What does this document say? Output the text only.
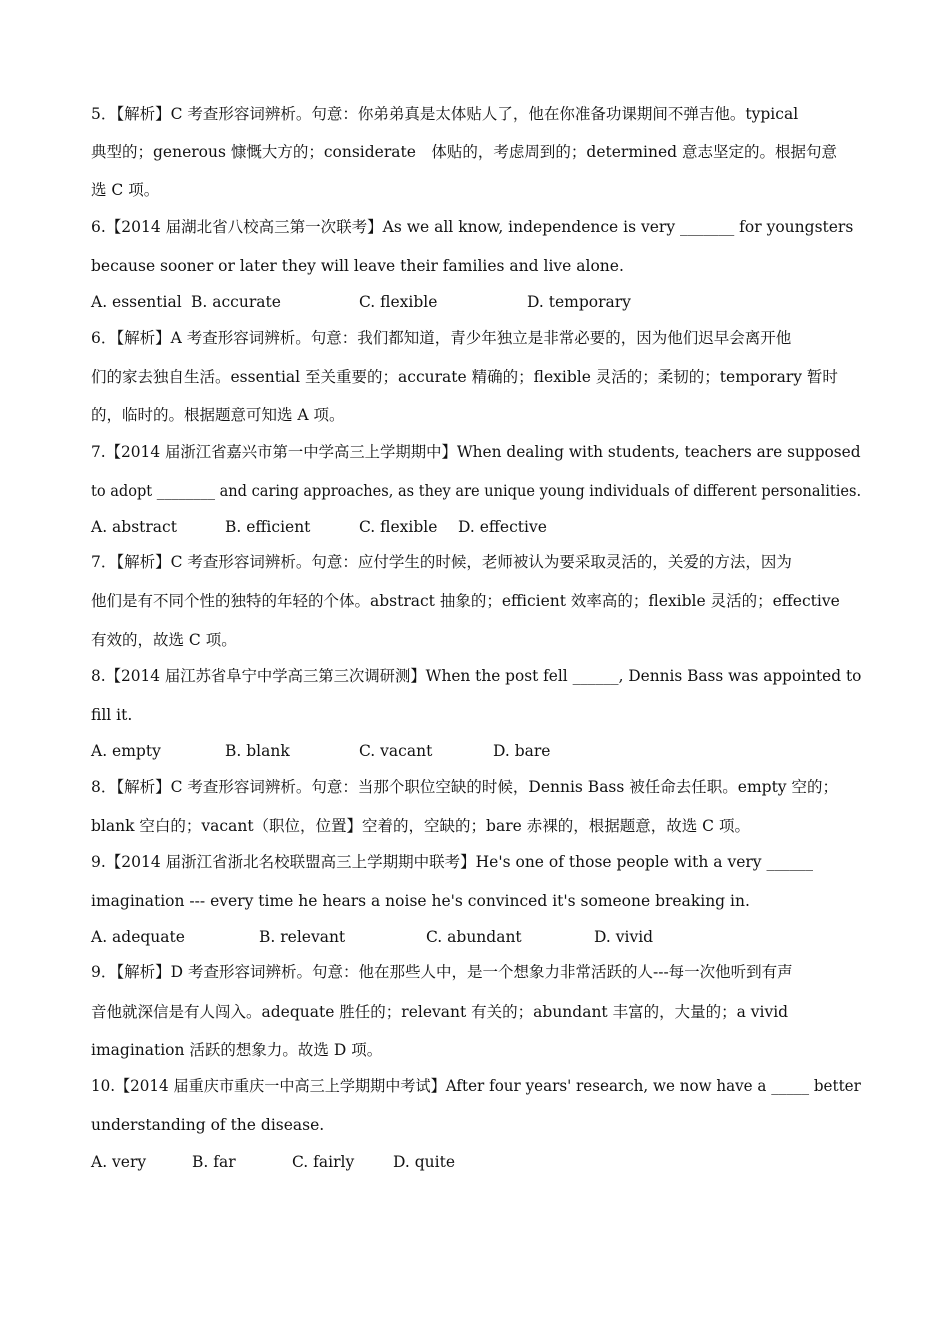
5．【解析】C 考查形容词辨析。句意：你弟弟真是太体贴人了，他在你准备功课期间不弹吉他。typical
典型的；generous 慷慨大方的；considerate　体贴的，考虑周到的；determined 意志坚定的。根据句意
选 C 项。
6.【2014 届湖北省八校高三第一次联考】As we all know, independence is very _______ for youngsters
because sooner or later they will leave their families and live alone.
A. essential B. accurate	C. flexible	D. temporary
6．【解析】A 考查形容词辨析。句意：我们都知道，青少年独立是非常必要的，因为他们迟早会离开他
们的家去独自生活。essential 至关重要的；accurate 精确的；flexible 灵活的；柔韧的；temporary 暂时
的，临时的。根据题意可知选 A 项。
7.【2014 届浙江省嘉兴市第一中学高三上学期期中】When dealing with students, teachers are supposed
to adopt ________ and caring approaches, as they are unique young individuals of different personalities.
A. abstract	B. efficient	C. flexible D. effective
7．【解析】C 考查形容词辨析。句意：应付学生的时候，老师被认为要采取灵活的，关爱的方法，因为
他们是有不同个性的独特的年轻的个体。abstract 抽象的；efficient 效率高的；flexible 灵活的；effective
有效的，故选 C 项。
8.【2014 届江苏省阜宁中学高三第三次调研测】When the post fell ______, Dennis Bass was appointed to
fill it.
A. empty	B. blank	C. vacant	D. bare
8．【解析】C 考查形容词辨析。句意：当那个职位空缺的时候，Dennis Bass 被任命去任职。empty 空的；
blank 空白的；vacant（职位，位置】空着的，空缺的；bare 赤裸的，根据题意，故选 C 项。
9.【2014 届浙江省浙北名校联盟高三上学期期中联考】He's one of those people with a very ______
imagination --- every time he hears a noise he's convinced it's someone breaking in.
A. adequate	B. relevant	C. abundant	D. vivid
9．【解析】D 考查形容词辨析。句意：他在那些人中，是一个想象力非常活跃的人---每一次他听到有声
音他就深信是有人闯入。adequate 胜任的；relevant 有关的；abundant 丰富的，大量的；a vivid
imagination 活跃的想象力。故选 D 项。
10.【2014 届重庆市重庆一中高三上学期期中考试】After four years' research, we now have a _____ better
understanding of the disease.
A. very	B. far	C. fairly	D. quite
